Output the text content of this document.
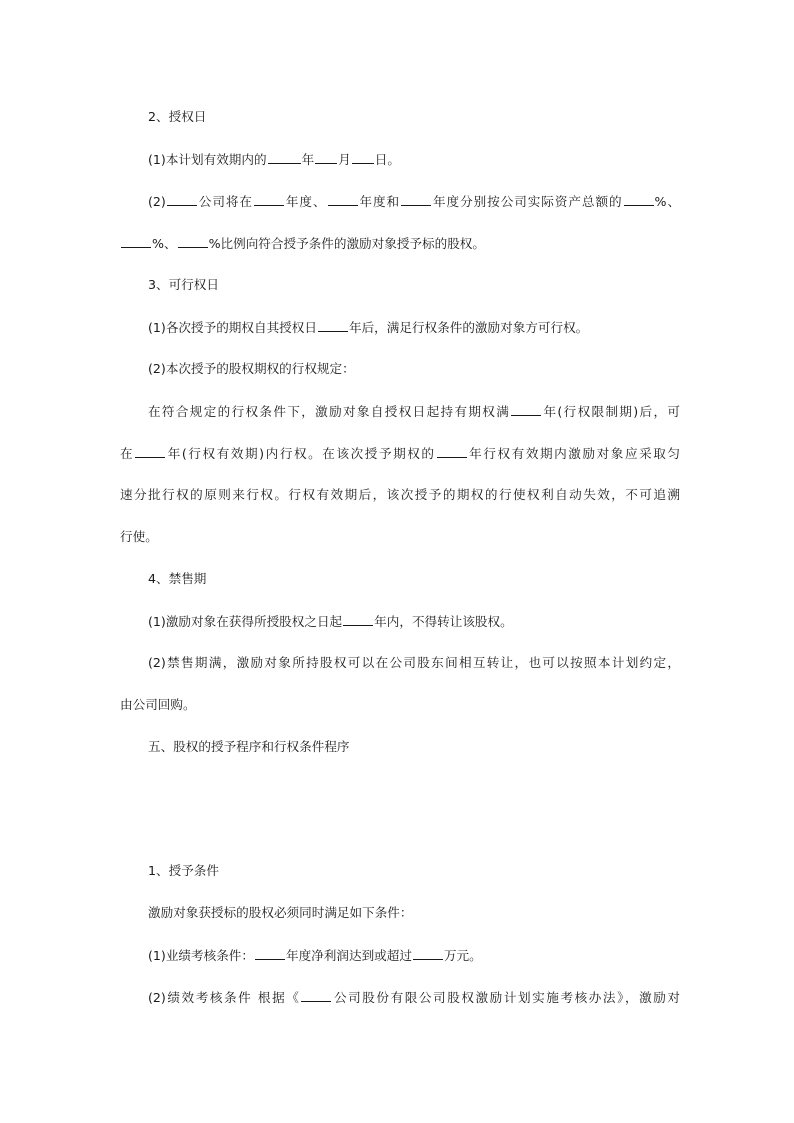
2、授权日
(1)本计划有效期内的	年 月 日。
(2)	公司将在	年度、	年度和	年度分别按公司实际资产总额的	%、
%、	%比例向符合授予条件的激励对象授予标的股权。
3、可行权日
(1)各次授予的期权自其授权日	年后，满足行权条件的激励对象方可行权。
(2)本次授予的股权期权的行权规定：
在符合规定的行权条件下，激励对象自授权日起持有期权满	年(行权限制期)后，可
在	年(行权有效期)内行权。在该次授予期权的	年行权有效期内激励对象应采取匀
速分批行权的原则来行权。行权有效期后，该次授予的期权的行使权利自动失效，不可追溯
行使。
4、禁售期
(1)激励对象在获得所授股权之日起	年内，不得转让该股权。
(2)禁售期满，激励对象所持股权可以在公司股东间相互转让，也可以按照本计划约定，
由公司回购。
五、股权的授予程序和行权条件程序
1、授予条件
激励对象获授标的股权必须同时满足如下条件：
(1)业绩考核条件：	年度净利润达到或超过	万元。
(2)绩效考核条件 根据《	公司股份有限公司股权激励计划实施考核办法》，激励对
